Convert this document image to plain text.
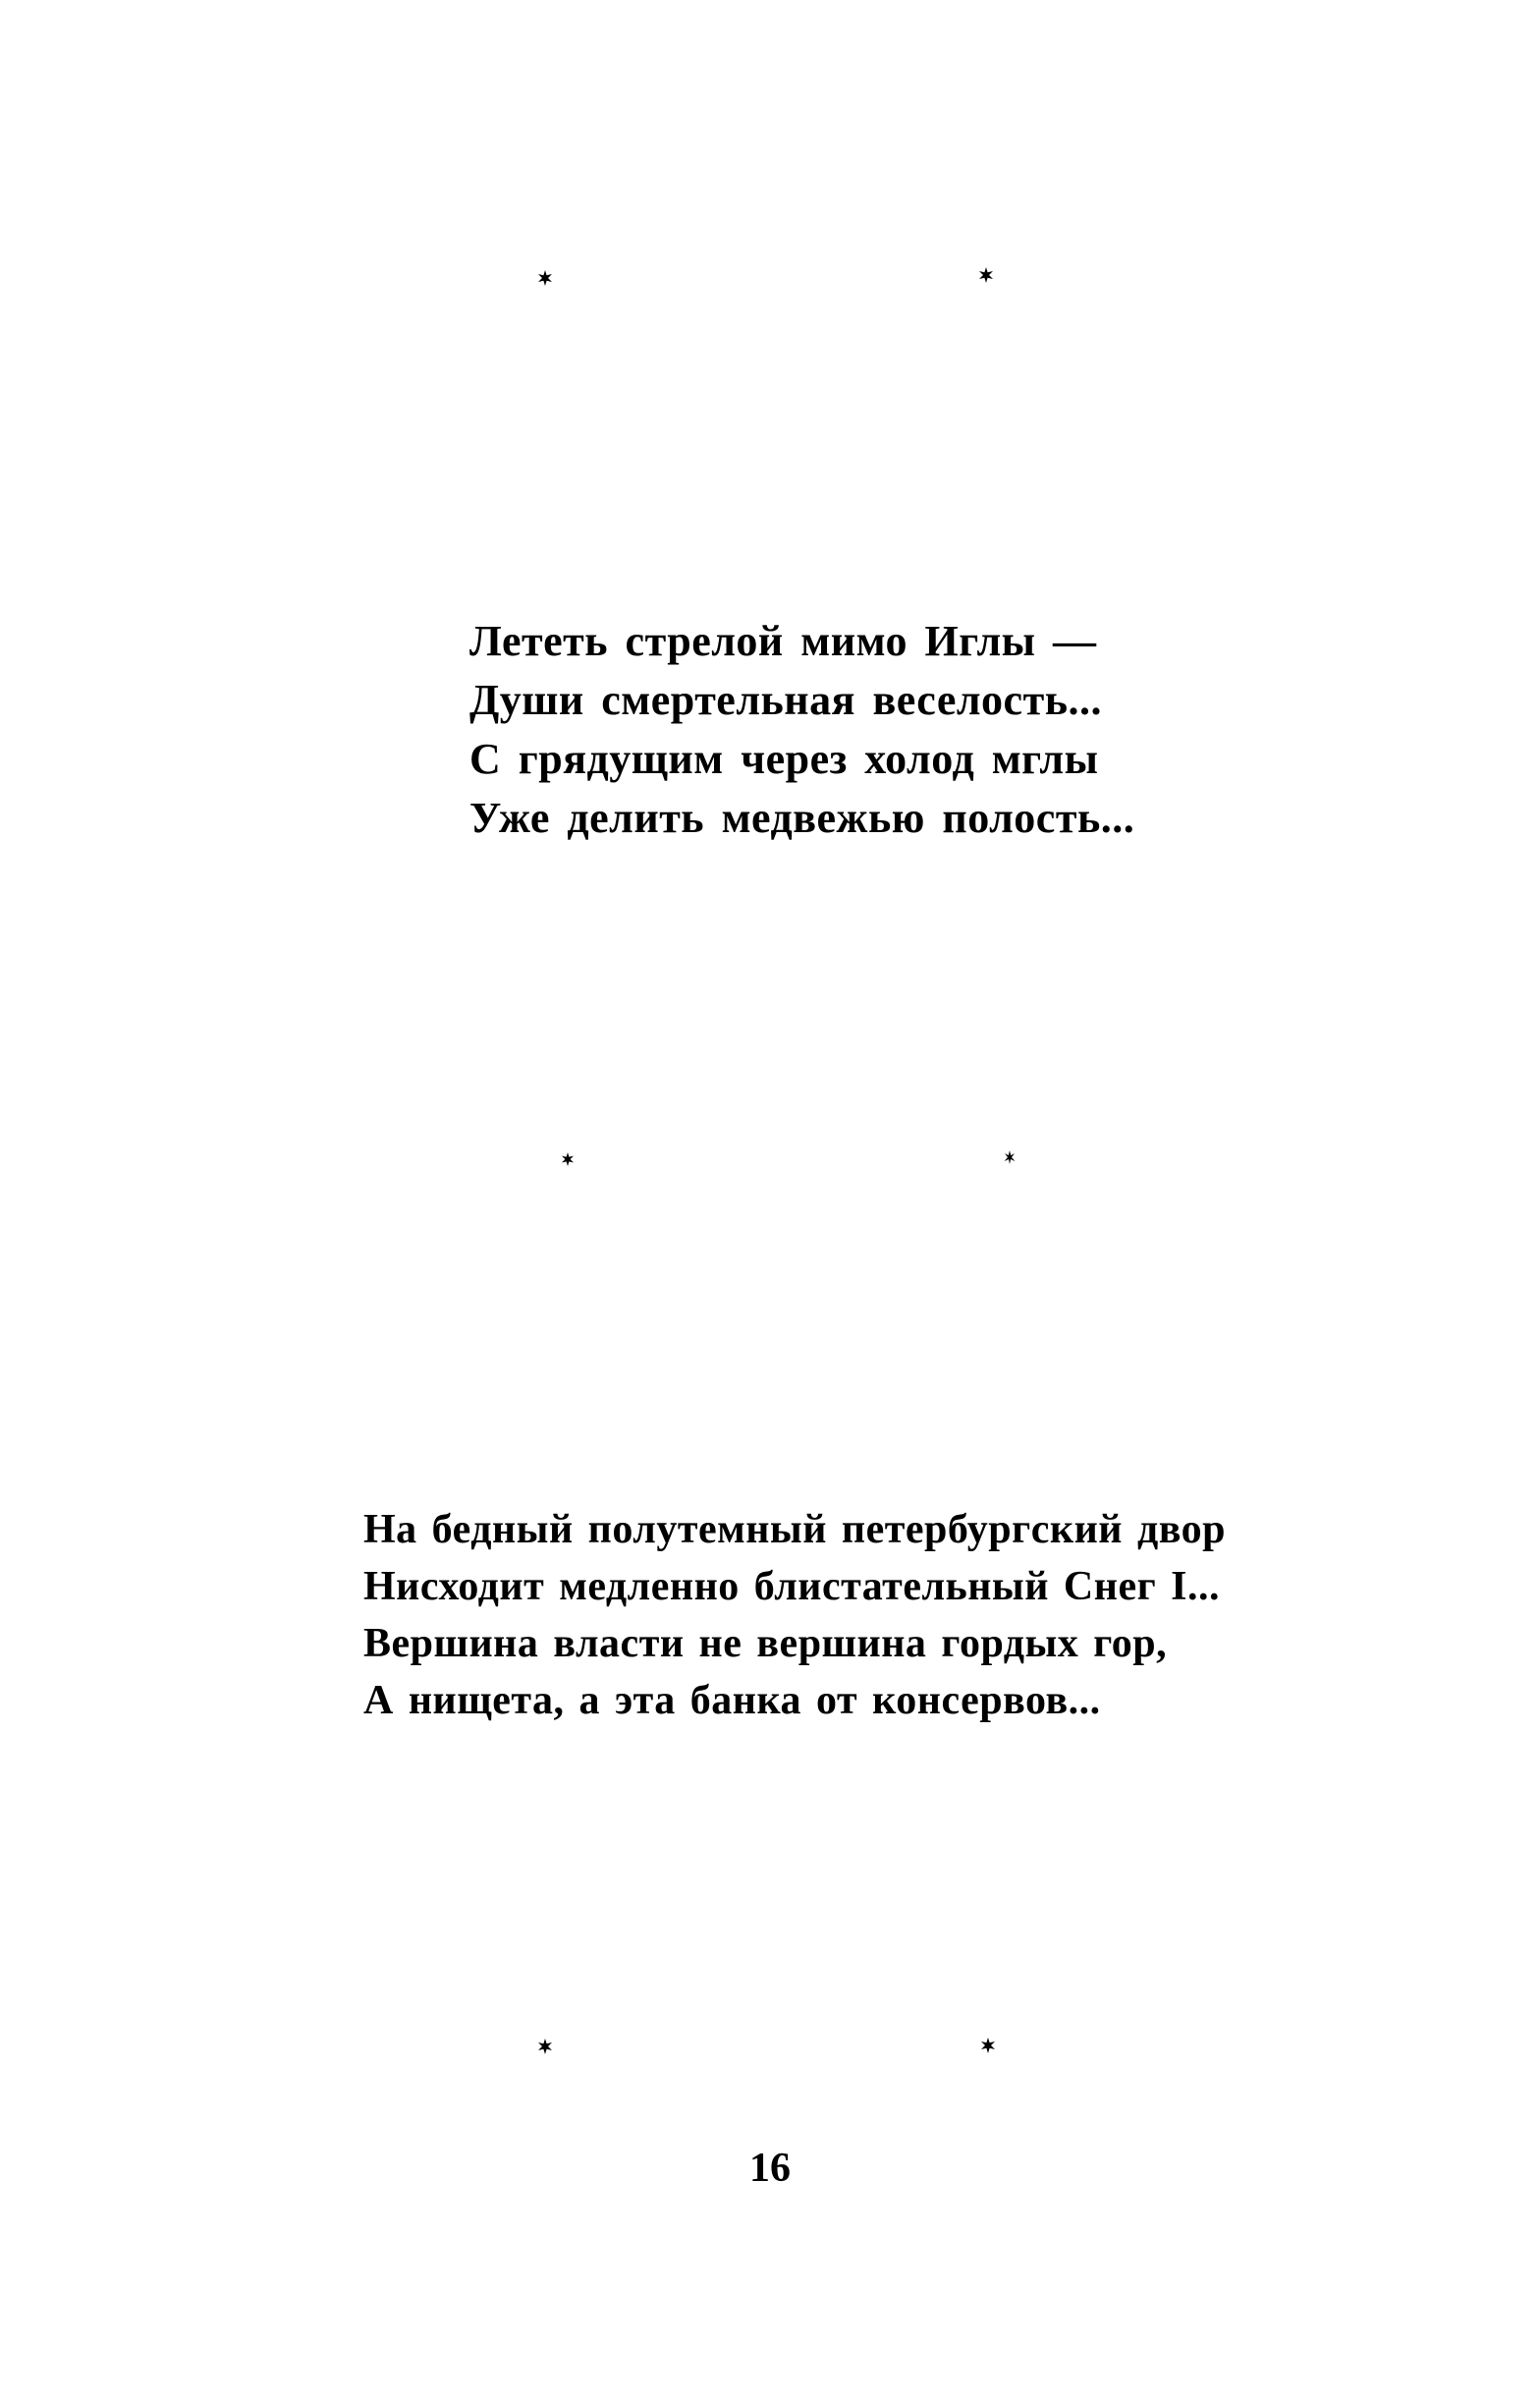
Лететь стрелой мимо Иглы —
Души смертельная веселость...
С грядущим через холод мглы
Уже делить медвежью полость...
На бедный полутемный петербургский двор
Нисходит медленно блистательный Снег I...
Вершина власти не вершина гордых гор,
А нищета, а эта банка от консервов...
16
